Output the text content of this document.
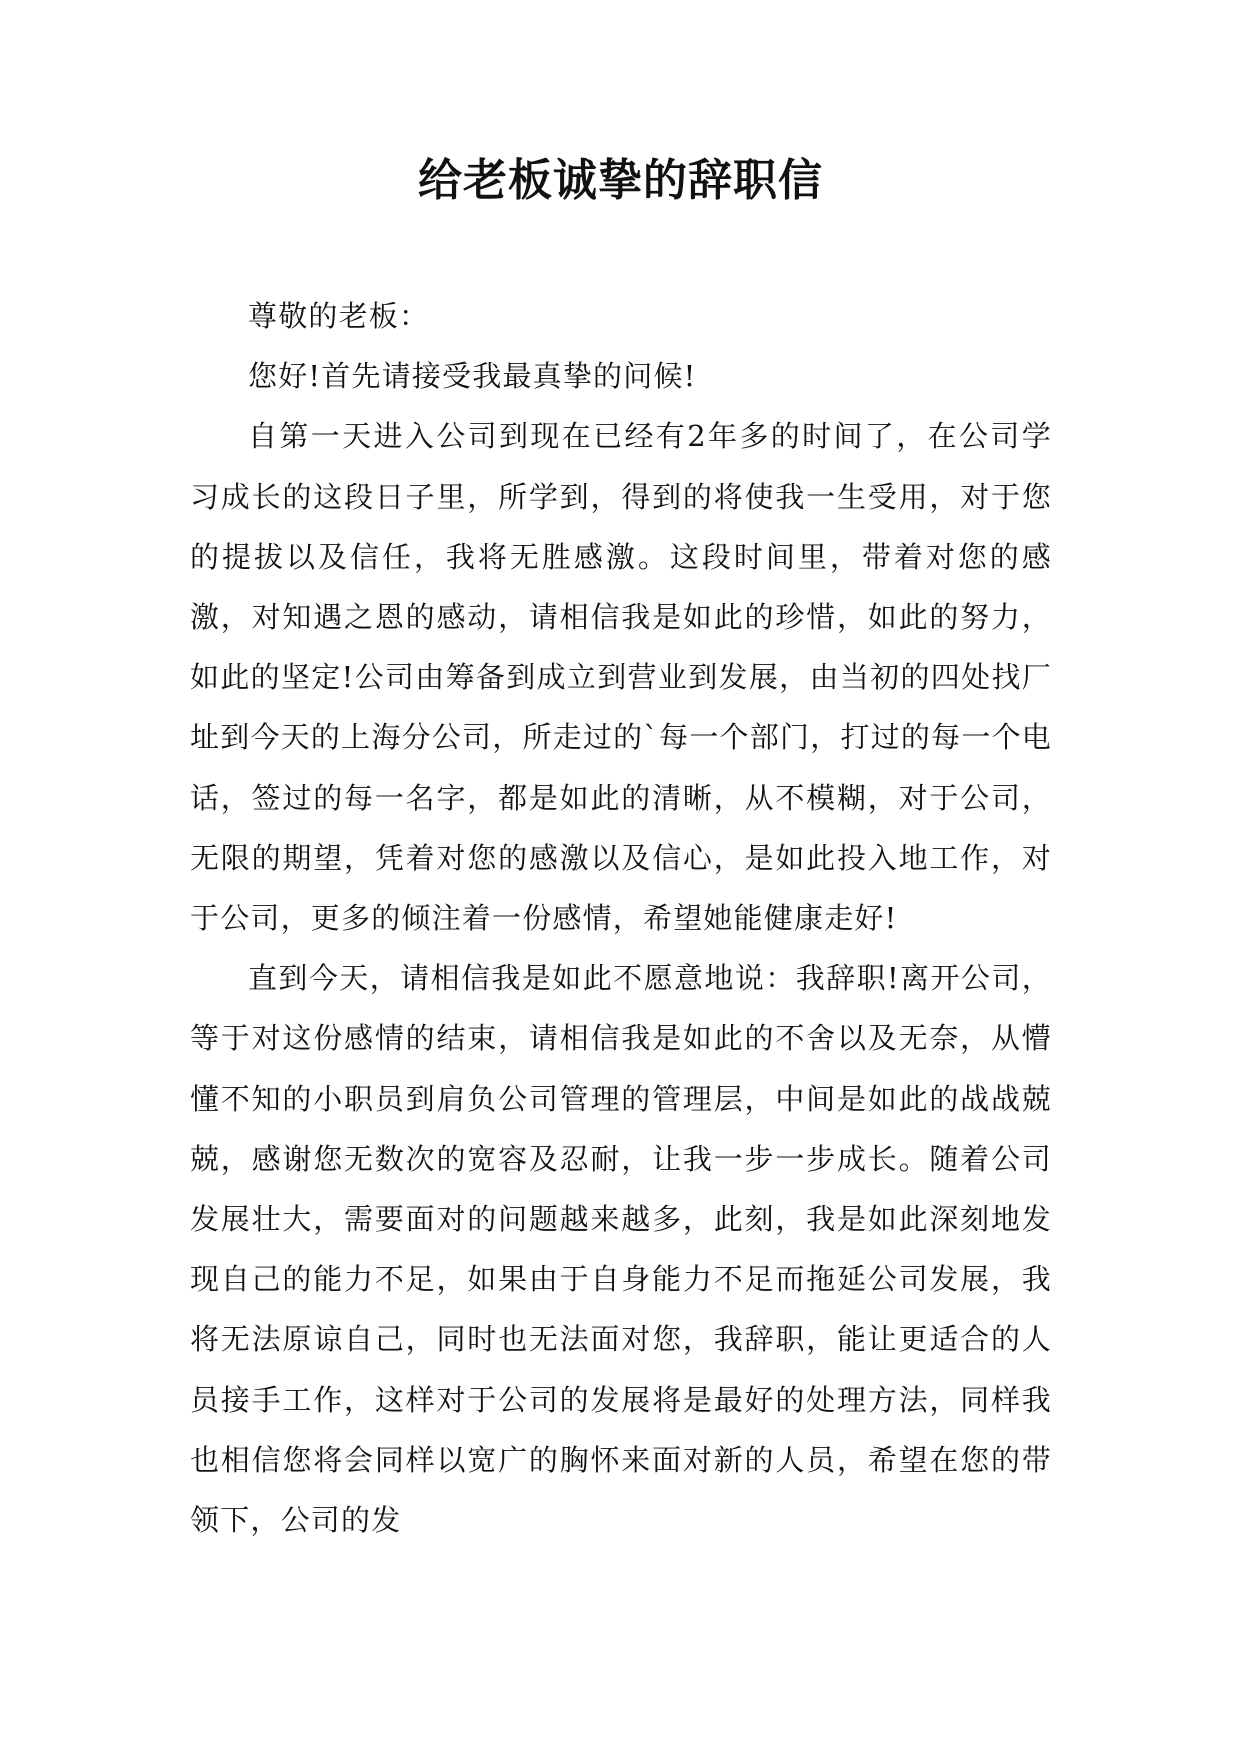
给老板诚挚的辞职信

尊敬的老板：

您好!首先请接受我最真挚的问候!

自第一天进入公司到现在已经有2年多的时间了，在公司学习成长的这段日子里，所学到，得到的将使我一生受用，对于您的提拔以及信任，我将无胜感激。这段时间里，带着对您的感激，对知遇之恩的感动，请相信我是如此的珍惜，如此的努力，如此的坚定!公司由筹备到成立到营业到发展，由当初的四处找厂址到今天的上海分公司，所走过的`每一个部门，打过的每一个电话，签过的每一名字，都是如此的清晰，从不模糊，对于公司，无限的期望，凭着对您的感激以及信心，是如此投入地工作，对于公司，更多的倾注着一份感情，希望她能健康走好!

直到今天，请相信我是如此不愿意地说：我辞职!离开公司，等于对这份感情的结束，请相信我是如此的不舍以及无奈，从懵懂不知的小职员到肩负公司管理的管理层，中间是如此的战战兢兢，感谢您无数次的宽容及忍耐，让我一步一步成长。随着公司发展壮大，需要面对的问题越来越多，此刻，我是如此深刻地发现自己的能力不足，如果由于自身能力不足而拖延公司发展，我将无法原谅自己，同时也无法面对您，我辞职，能让更适合的人员接手工作，这样对于公司的发展将是最好的处理方法，同样我也相信您将会同样以宽广的胸怀来面对新的人员，希望在您的带领下，公司的发
